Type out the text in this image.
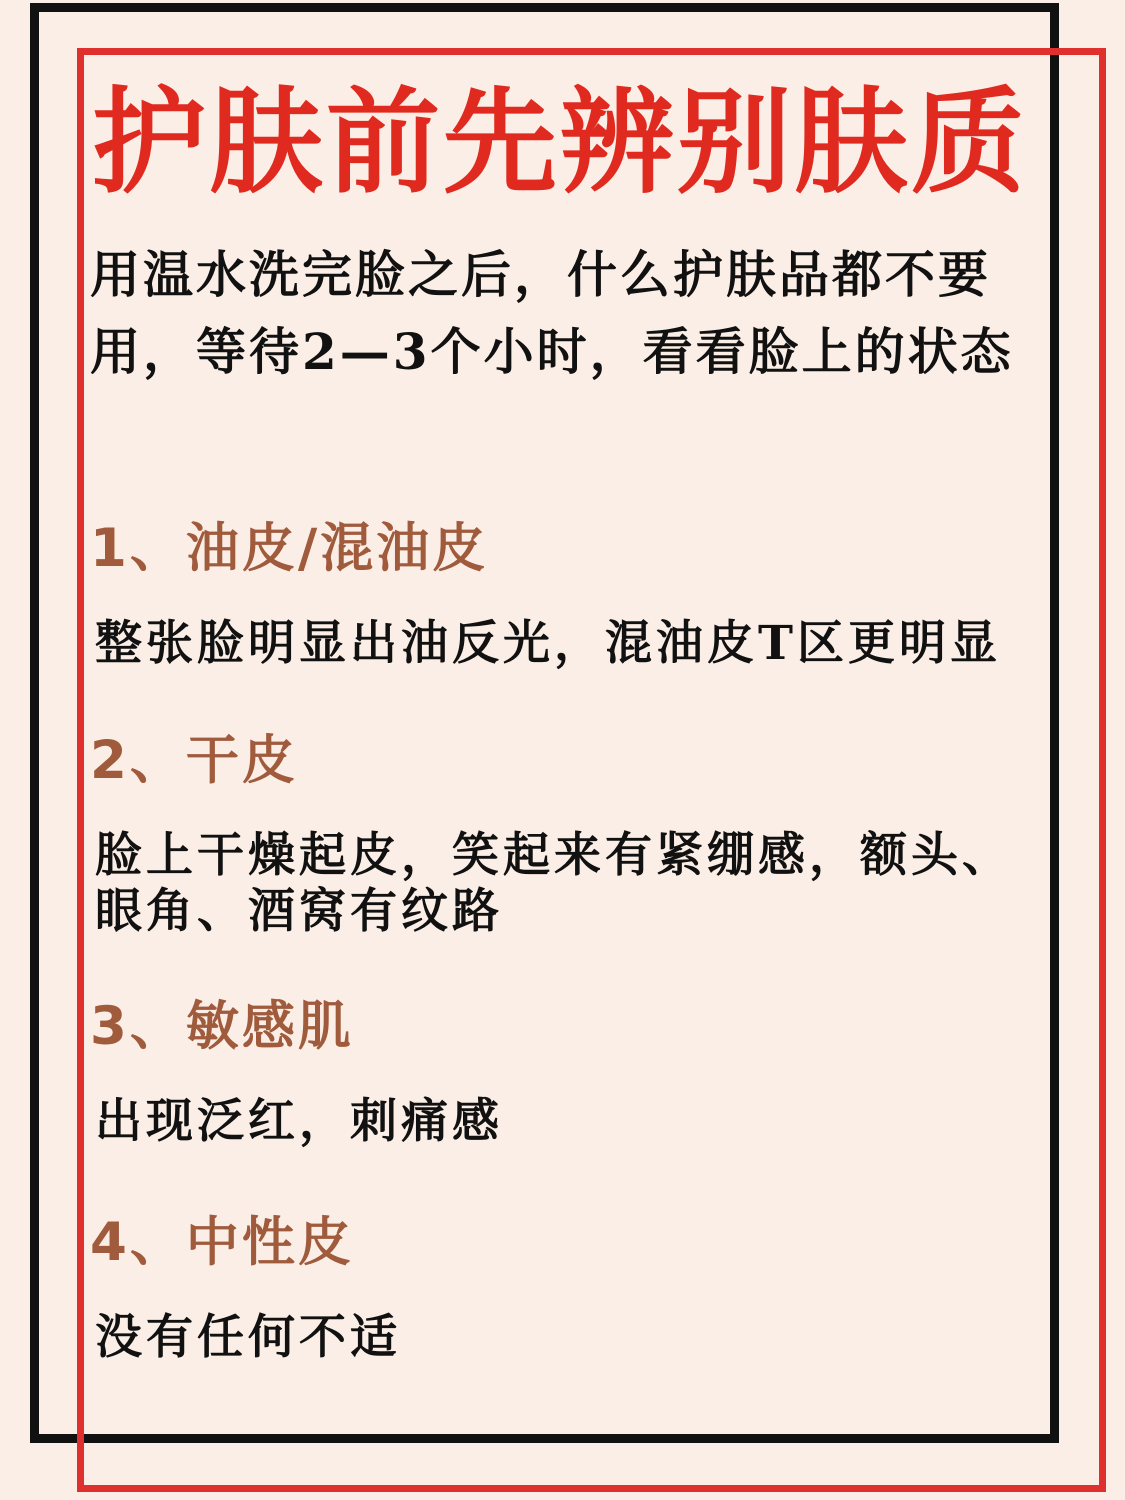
护肤前先辨别肤质

用温水洗完脸之后，什么护肤品都不要用，等待2—3个小时，看看脸上的状态

1、油皮/混油皮

整张脸明显出油反光，混油皮T区更明显

2、干皮

脸上干燥起皮，笑起来有紧绷感，额头、眼角、酒窝有纹路

3、敏感肌

出现泛红，刺痛感

4、中性皮

没有任何不适
